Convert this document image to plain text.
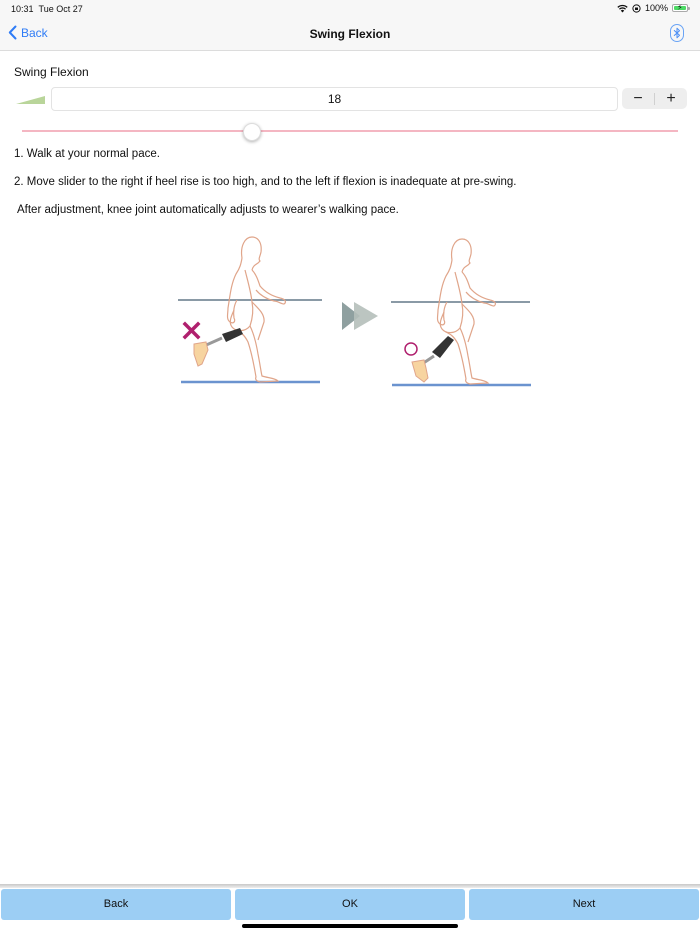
10:31 Tue Oct 27	100% ⚡
Back	Swing Flexion
Swing Flexion
18	−	+
1. Walk at your normal pace.
2. Move slider to the right if heel rise is too high, and to the left if flexion is inadequate at pre-swing.
After adjustment, knee joint automatically adjusts to wearer’s walking pace.
Back	OK	Next
